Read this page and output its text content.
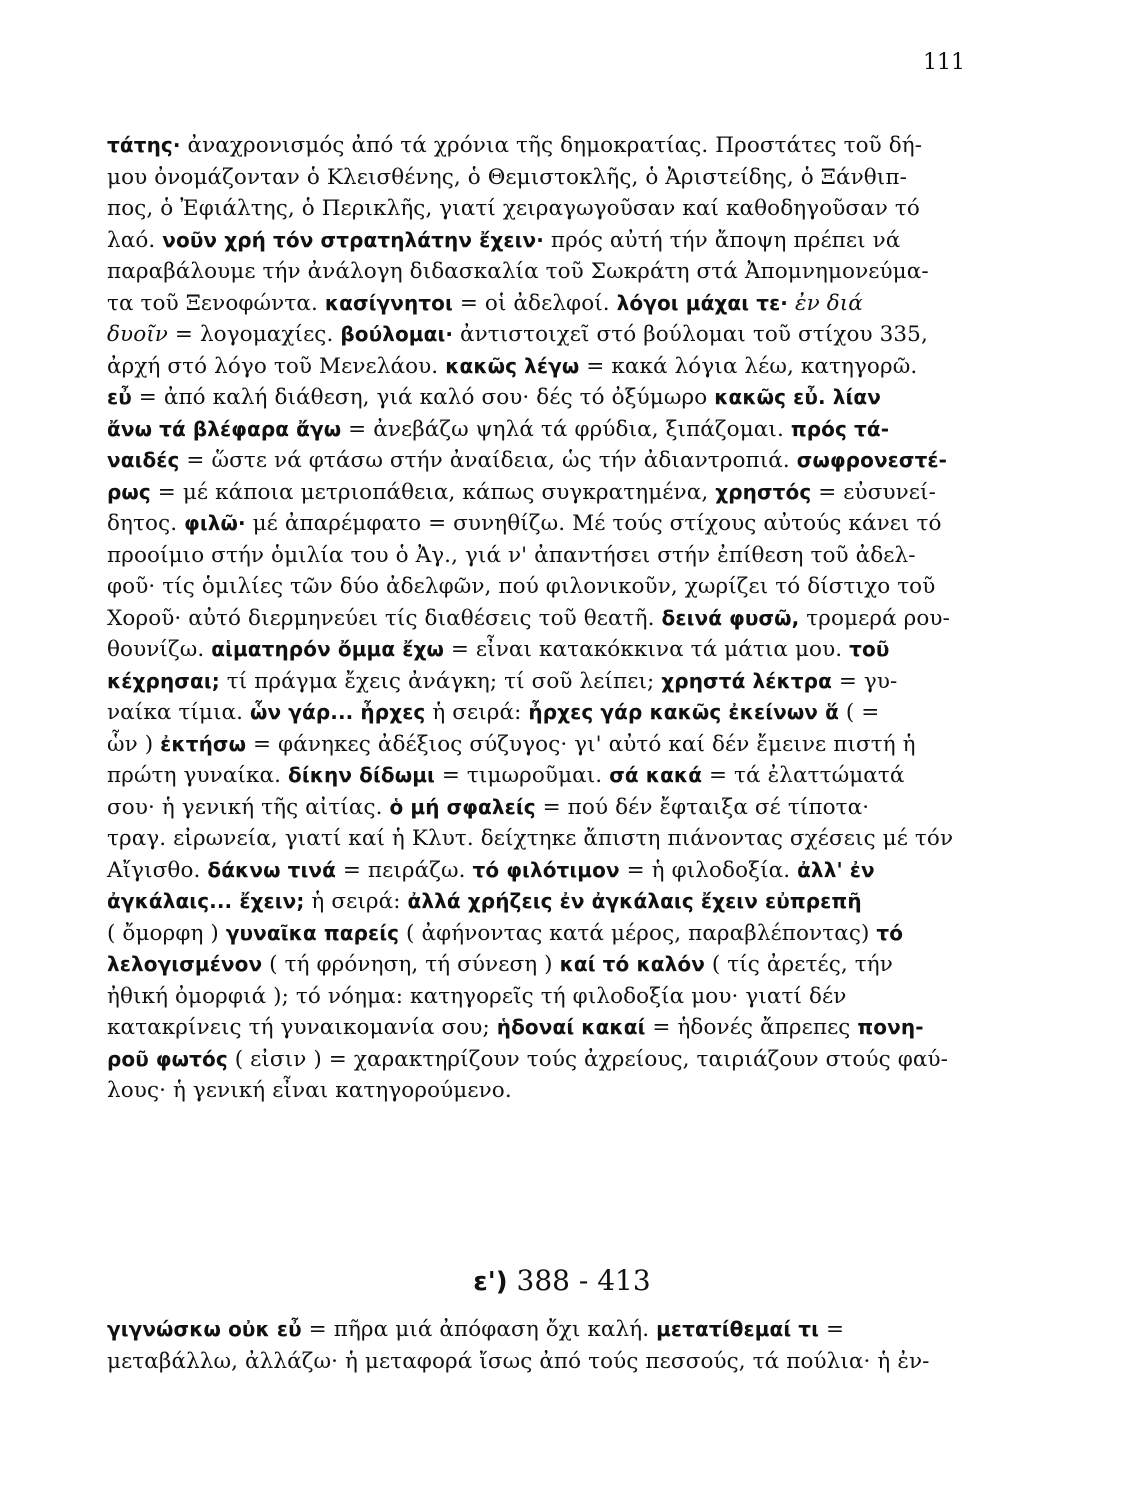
111
τάτης· ἀναχρονισμός ἀπό τά χρόνια τῆς δημοκρατίας. Προστάτες τοῦ δή-
μου ὀνομάζονταν ὁ Κλεισθένης, ὁ Θεμιστοκλῆς, ὁ Ἀριστείδης, ὁ Ξάνθιπ-
πος, ὁ Ἐφιάλτης, ὁ Περικλῆς, γιατί χειραγωγοῦσαν καί καθοδηγοῦσαν τό
λαό. νοῦν χρή τόν στρατηλάτην ἔχειν· πρός αὐτή τήν ἄποψη πρέπει νά
παραβάλουμε τήν ἀνάλογη διδασκαλία τοῦ Σωκράτη στά Ἀπομνημονεύμα-
τα τοῦ Ξενοφώντα. κασίγνητοι = οἱ ἀδελφοί. λόγοι μάχαι τε· ἐν διά
δυοῖν = λογομαχίες. βούλομαι· ἀντιστοιχεῖ στό βούλομαι τοῦ στίχου 335,
ἀρχή στό λόγο τοῦ Μενελάου. κακῶς λέγω = κακά λόγια λέω, κατηγορῶ.
εὖ = ἀπό καλή διάθεση, γιά καλό σου· δές τό ὀξύμωρο κακῶς εὖ. λίαν
ἄνω τά βλέφαρα ἄγω = ἀνεβάζω ψηλά τά φρύδια, ξιπάζομαι. πρός τά-
ναιδές = ὥστε νά φτάσω στήν ἀναίδεια, ὡς τήν ἀδιαντροπιά. σωφρονεστέ-
ρως = μέ κάποια μετριοπάθεια, κάπως συγκρατημένα, χρηστός = εὐσυνεί-
δητος. φιλῶ· μέ ἀπαρέμφατο = συνηθίζω. Μέ τούς στίχους αὐτούς κάνει τό
προοίμιο στήν ὁμιλία του ὁ Ἀγ., γιά ν' ἀπαντήσει στήν ἐπίθεση τοῦ ἀδελ-
φοῦ· τίς ὁμιλίες τῶν δύο ἀδελφῶν, πού φιλονικοῦν, χωρίζει τό δίστιχο τοῦ
Χοροῦ· αὐτό διερμηνεύει τίς διαθέσεις τοῦ θεατῆ. δεινά φυσῶ, τρομερά ρου-
θουνίζω. αἱματηρόν ὄμμα ἔχω = εἶναι κατακόκκινα τά μάτια μου. τοῦ
κέχρησαι; τί πράγμα ἔχεις ἀνάγκη; τί σοῦ λείπει; χρηστά λέκτρα = γυ-
ναίκα τίμια. ὧν γάρ... ἦρχες ἡ σειρά: ἦρχες γάρ κακῶς ἐκείνων ἅ ( =
ὧν ) ἐκτήσω = φάνηκες ἀδέξιος σύζυγος· γι' αὐτό καί δέν ἔμεινε πιστή ἡ
πρώτη γυναίκα. δίκην δίδωμι = τιμωροῦμαι. σά κακά = τά ἐλαττώματά
σου· ἡ γενική τῆς αἰτίας. ὁ μή σφαλείς = πού δέν ἔφταιξα σέ τίποτα·
τραγ. εἰρωνεία, γιατί καί ἡ Κλυτ. δείχτηκε ἄπιστη πιάνοντας σχέσεις μέ τόν
Αἴγισθο. δάκνω τινά = πειράζω. τό φιλότιμον = ἡ φιλοδοξία. ἀλλ' ἐν
ἀγκάλαις... ἔχειν; ἡ σειρά: ἀλλά χρήζεις ἐν ἀγκάλαις ἔχειν εὐπρεπῆ
( ὄμορφη ) γυναῖκα παρείς ( ἀφήνοντας κατά μέρος, παραβλέποντας) τό
λελογισμένον ( τή φρόνηση, τή σύνεση ) καί τό καλόν ( τίς ἀρετές, τήν
ἠθική ὀμορφιά ); τό νόημα: κατηγορεῖς τή φιλοδοξία μου· γιατί δέν
κατακρίνεις τή γυναικομανία σου; ἡδοναί κακαί = ἡδονές ἄπρεπες πονη-
ροῦ φωτός ( εἰσιν ) = χαρακτηρίζουν τούς ἀχρείους, ταιριάζουν στούς φαύ-
λους· ἡ γενική εἶναι κατηγορούμενο.
ε') 388 - 413
γιγνώσκω οὐκ εὖ = πῆρα μιά ἀπόφαση ὄχι καλή. μετατίθεμαί τι =
μεταβάλλω, ἀλλάζω· ἡ μεταφορά ἴσως ἀπό τούς πεσσούς, τά πούλια· ἡ ἐν-
